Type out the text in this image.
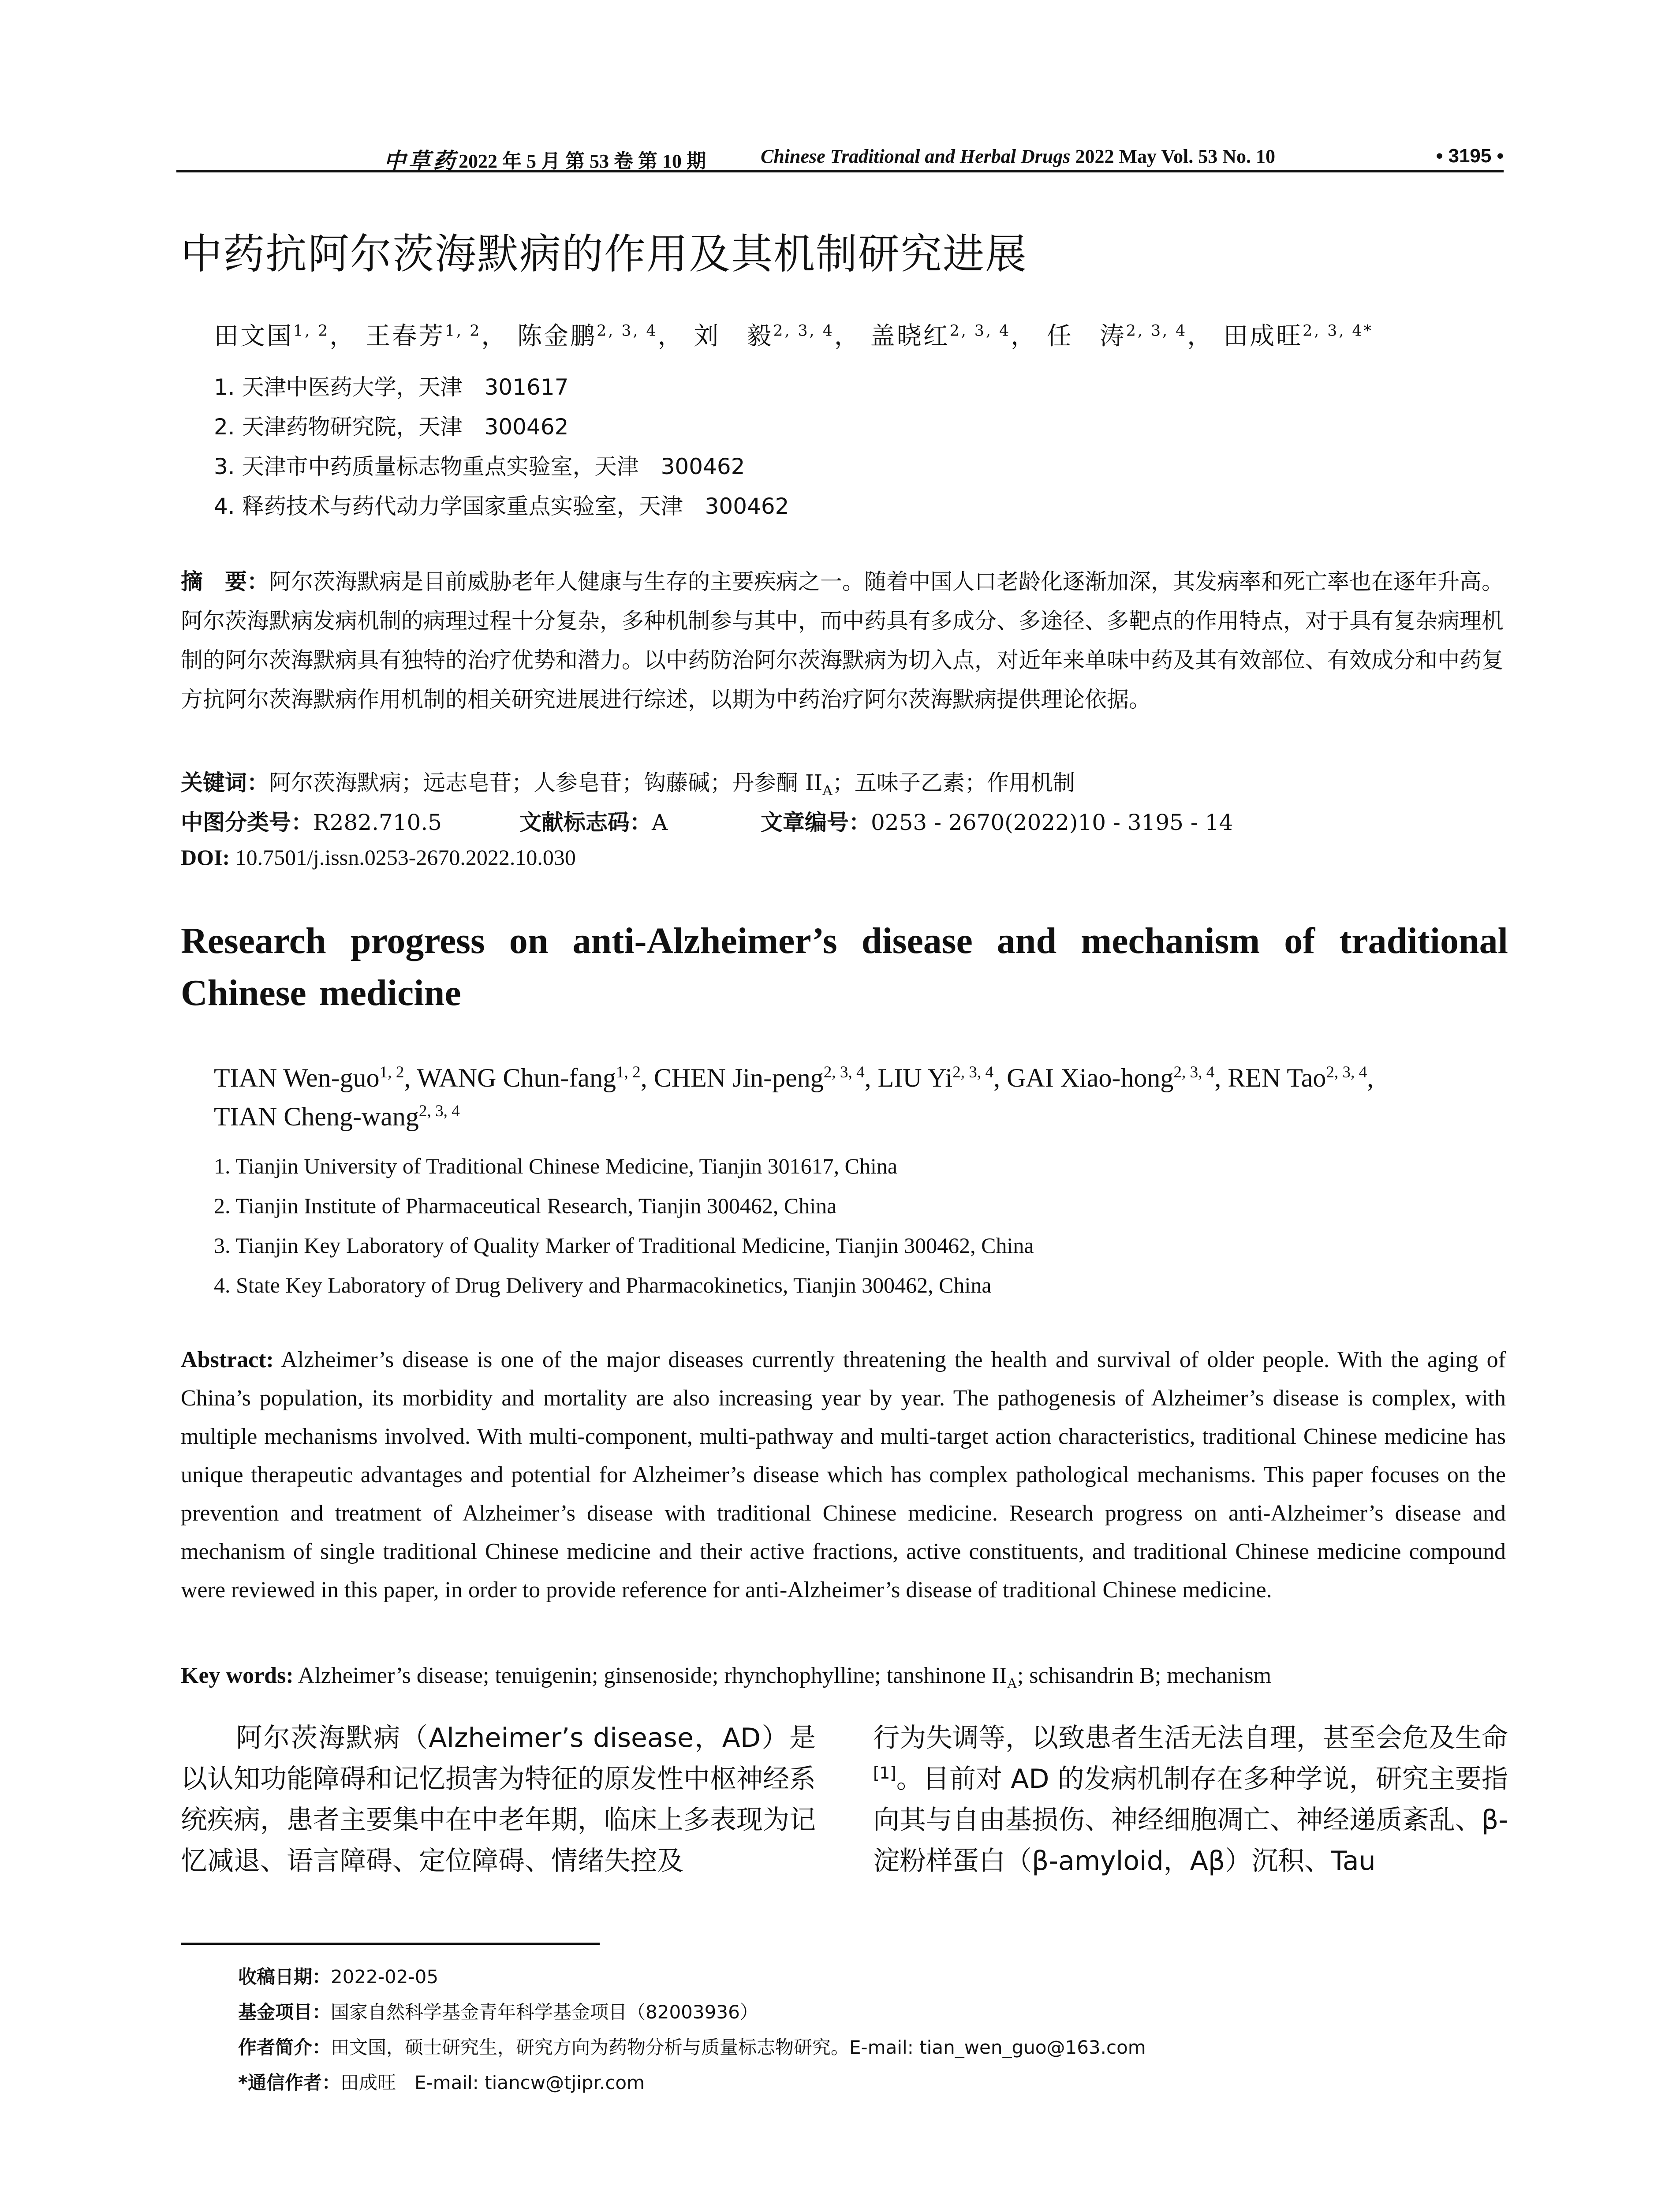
中草药 2022 年 5 月 第 53 卷 第 10 期	Chinese Traditional and Herbal Drugs 2022 May Vol. 53 No. 10	• 3195 •
中药抗阿尔茨海默病的作用及其机制研究进展
田文国$^{1, 2}$， 王春芳$^{1, 2}$， 陈金鹏$^{2, 3, 4}$， 刘　毅$^{2, 3, 4}$， 盖晓红$^{2, 3, 4}$， 任　涛$^{2, 3, 4}$， 田成旺$^{2, 3, 4*}$
1. 天津中医药大学，天津　301617
2. 天津药物研究院，天津　300462
3. 天津市中药质量标志物重点实验室，天津　300462
4. 释药技术与药代动力学国家重点实验室，天津　300462
摘　要：阿尔茨海默病是目前威胁老年人健康与生存的主要疾病之一。随着中国人口老龄化逐渐加深，其发病率和死亡率也在逐年升高。阿尔茨海默病发病机制的病理过程十分复杂，多种机制参与其中，而中药具有多成分、多途径、多靶点的作用特点，对于具有复杂病理机制的阿尔茨海默病具有独特的治疗优势和潜力。以中药防治阿尔茨海默病为切入点，对近年来单味中药及其有效部位、有效成分和中药复方抗阿尔茨海默病作用机制的相关研究进展进行综述，以期为中药治疗阿尔茨海默病提供理论依据。
关键词：阿尔茨海默病；远志皂苷；人参皂苷；钩藤碱；丹参酮 $II_A$；五味子乙素；作用机制
中图分类号：R282.710.5	文献标志码：A	文章编号：0253 - 2670(2022)10 - 3195 - 14
DOI: 10.7501/j.issn.0253-2670.2022.10.030
Research progress on anti-Alzheimer’s disease and mechanism of traditional Chinese medicine
TIAN Wen-guo$^{1, 2}$, WANG Chun-fang$^{1, 2}$, CHEN Jin-peng$^{2, 3, 4}$, LIU Yi$^{2, 3, 4}$, GAI Xiao-hong$^{2, 3, 4}$, REN Tao$^{2, 3, 4}$,
TIAN Cheng-wang$^{2, 3, 4}$
1. Tianjin University of Traditional Chinese Medicine, Tianjin 301617, China
2. Tianjin Institute of Pharmaceutical Research, Tianjin 300462, China
3. Tianjin Key Laboratory of Quality Marker of Traditional Medicine, Tianjin 300462, China
4. State Key Laboratory of Drug Delivery and Pharmacokinetics, Tianjin 300462, China
Abstract: Alzheimer’s disease is one of the major diseases currently threatening the health and survival of older people. With the aging of China’s population, its morbidity and mortality are also increasing year by year. The pathogenesis of Alzheimer’s disease is complex, with multiple mechanisms involved. With multi-component, multi-pathway and multi-target action characteristics, traditional Chinese medicine has unique therapeutic advantages and potential for Alzheimer’s disease which has complex pathological mechanisms. This paper focuses on the prevention and treatment of Alzheimer’s disease with traditional Chinese medicine. Research progress on anti-Alzheimer’s disease and mechanism of single traditional Chinese medicine and their active fractions, active constituents, and traditional Chinese medicine compound were reviewed in this paper, in order to provide reference for anti-Alzheimer’s disease of traditional Chinese medicine.
Key words: Alzheimer’s disease; tenuigenin; ginsenoside; rhynchophylline; tanshinone $II_A$; schisandrin B; mechanism
　　阿尔茨海默病（Alzheimer’s disease，AD）是以认知功能障碍和记忆损害为特征的原发性中枢神经系统疾病，患者主要集中在中老年期，临床上多表现为记忆减退、语言障碍、定位障碍、情绪失控及
行为失调等，以致患者生活无法自理，甚至会危及生命[1]。目前对 AD 的发病机制存在多种学说，研究主要指向其与自由基损伤、神经细胞凋亡、神经递质紊乱、β-淀粉样蛋白（β-amyloid，Aβ）沉积、Tau
收稿日期：2022-02-05
基金项目：国家自然科学基金青年科学基金项目（82003936）
作者简介：田文国，硕士研究生，研究方向为药物分析与质量标志物研究。E-mail: tian_wen_guo@163.com
*通信作者：田成旺　E-mail: tiancw@tjipr.com
